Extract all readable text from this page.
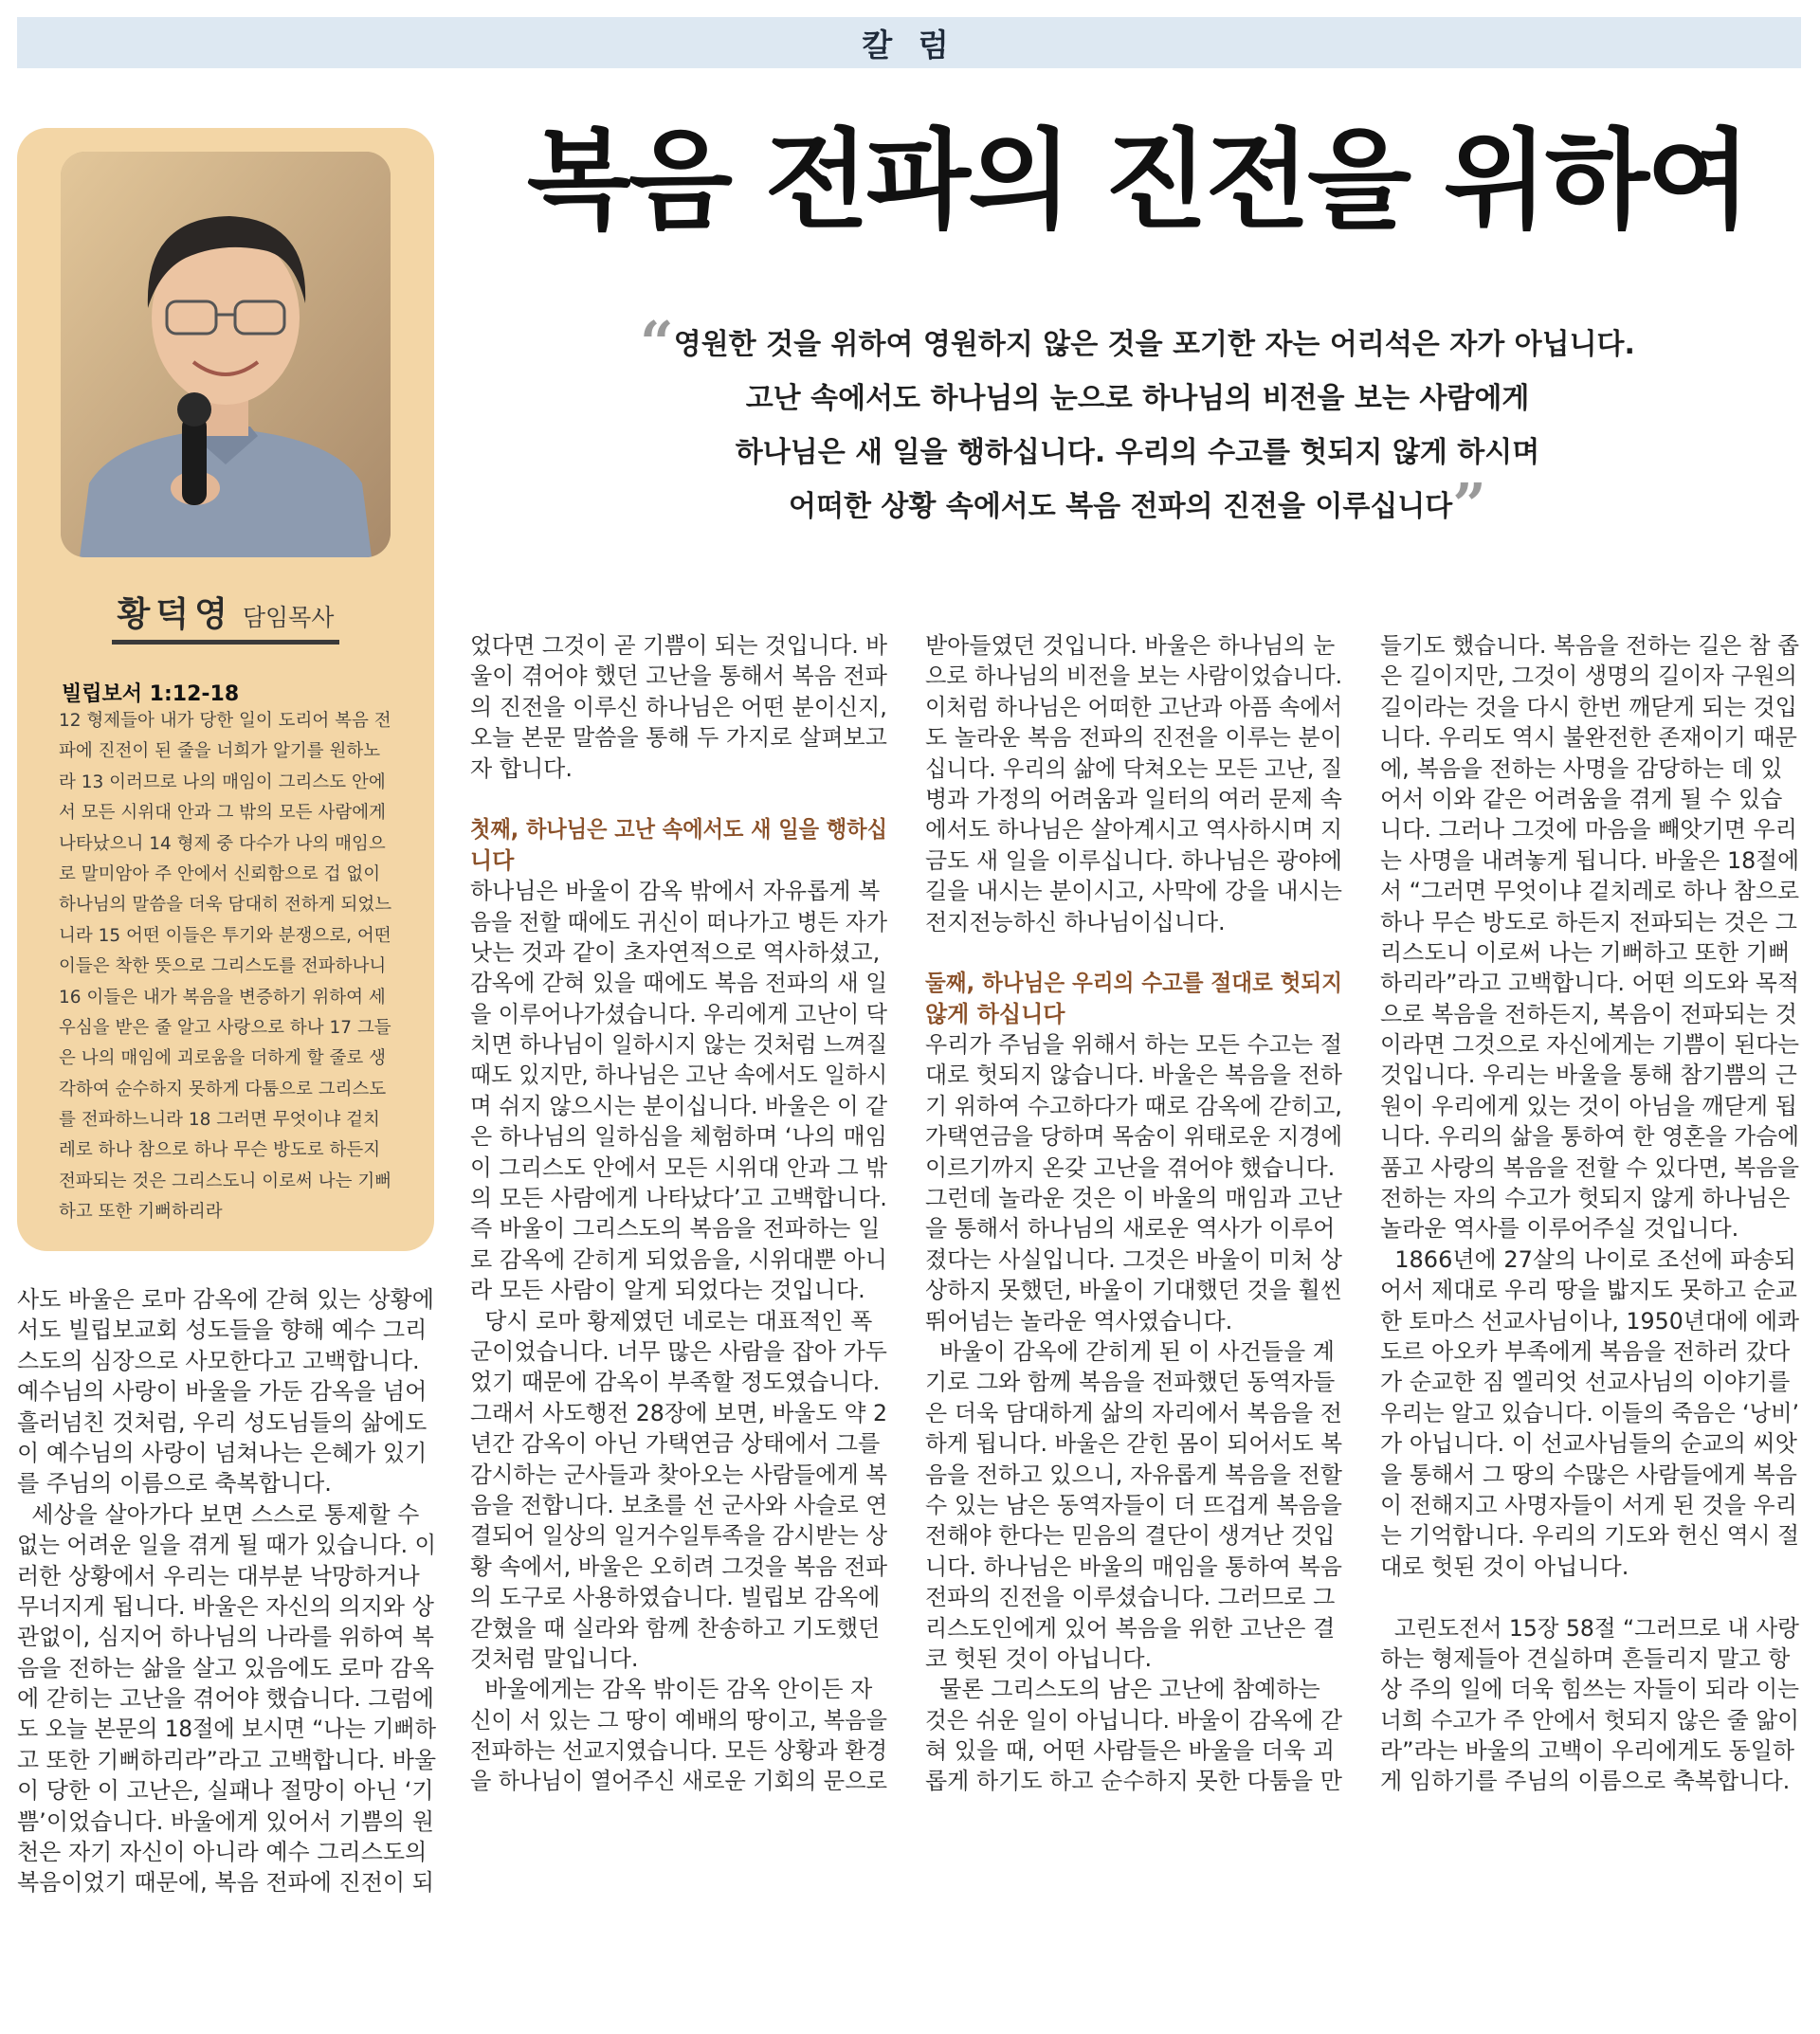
칼 럼
복음 전파의 진전을 위하여
“영원한 것을 위하여 영원하지 않은 것을 포기한 자는 어리석은 자가 아닙니다.
고난 속에서도 하나님의 눈으로 하나님의 비전을 보는 사람에게
하나님은 새 일을 행하십니다. 우리의 수고를 헛되지 않게 하시며
어떠한 상황 속에서도 복음 전파의 진전을 이루십니다”
황덕영 담임목사
빌립보서 1:12-18
12 형제들아 내가 당한 일이 도리어 복음 전
파에 진전이 된 줄을 너희가 알기를 원하노
라 13 이러므로 나의 매임이 그리스도 안에
서 모든 시위대 안과 그 밖의 모든 사람에게
나타났으니 14 형제 중 다수가 나의 매임으
로 말미암아 주 안에서 신뢰함으로 겁 없이
하나님의 말씀을 더욱 담대히 전하게 되었느
니라 15 어떤 이들은 투기와 분쟁으로, 어떤
이들은 착한 뜻으로 그리스도를 전파하나니
16 이들은 내가 복음을 변증하기 위하여 세
우심을 받은 줄 알고 사랑으로 하나 17 그들
은 나의 매임에 괴로움을 더하게 할 줄로 생
각하여 순수하지 못하게 다툼으로 그리스도
를 전파하느니라 18 그러면 무엇이냐 겉치
레로 하나 참으로 하나 무슨 방도로 하든지
전파되는 것은 그리스도니 이로써 나는 기뻐
하고 또한 기뻐하리라
사도 바울은 로마 감옥에 갇혀 있는 상황에
서도 빌립보교회 성도들을 향해 예수 그리
스도의 심장으로 사모한다고 고백합니다.
예수님의 사랑이 바울을 가둔 감옥을 넘어
흘러넘친 것처럼, 우리 성도님들의 삶에도
이 예수님의 사랑이 넘쳐나는 은혜가 있기
를 주님의 이름으로 축복합니다.
세상을 살아가다 보면 스스로 통제할 수
없는 어려운 일을 겪게 될 때가 있습니다. 이
러한 상황에서 우리는 대부분 낙망하거나
무너지게 됩니다. 바울은 자신의 의지와 상
관없이, 심지어 하나님의 나라를 위하여 복
음을 전하는 삶을 살고 있음에도 로마 감옥
에 갇히는 고난을 겪어야 했습니다. 그럼에
도 오늘 본문의 18절에 보시면 “나는 기뻐하
고 또한 기뻐하리라”라고 고백합니다. 바울
이 당한 이 고난은, 실패나 절망이 아닌 ‘기
쁨’이었습니다. 바울에게 있어서 기쁨의 원
천은 자기 자신이 아니라 예수 그리스도의
복음이었기 때문에, 복음 전파에 진전이 되
었다면 그것이 곧 기쁨이 되는 것입니다. 바
울이 겪어야 했던 고난을 통해서 복음 전파
의 진전을 이루신 하나님은 어떤 분이신지,
오늘 본문 말씀을 통해 두 가지로 살펴보고
자 합니다.
첫째, 하나님은 고난 속에서도 새 일을 행하십
니다
하나님은 바울이 감옥 밖에서 자유롭게 복
음을 전할 때에도 귀신이 떠나가고 병든 자가
낫는 것과 같이 초자연적으로 역사하셨고,
감옥에 갇혀 있을 때에도 복음 전파의 새 일
을 이루어나가셨습니다. 우리에게 고난이 닥
치면 하나님이 일하시지 않는 것처럼 느껴질
때도 있지만, 하나님은 고난 속에서도 일하시
며 쉬지 않으시는 분이십니다. 바울은 이 같
은 하나님의 일하심을 체험하며 ‘나의 매임
이 그리스도 안에서 모든 시위대 안과 그 밖
의 모든 사람에게 나타났다’고 고백합니다.
즉 바울이 그리스도의 복음을 전파하는 일
로 감옥에 갇히게 되었음을, 시위대뿐 아니
라 모든 사람이 알게 되었다는 것입니다.
당시 로마 황제였던 네로는 대표적인 폭
군이었습니다. 너무 많은 사람을 잡아 가두
었기 때문에 감옥이 부족할 정도였습니다.
그래서 사도행전 28장에 보면, 바울도 약 2
년간 감옥이 아닌 가택연금 상태에서 그를
감시하는 군사들과 찾아오는 사람들에게 복
음을 전합니다. 보초를 선 군사와 사슬로 연
결되어 일상의 일거수일투족을 감시받는 상
황 속에서, 바울은 오히려 그것을 복음 전파
의 도구로 사용하였습니다. 빌립보 감옥에
갇혔을 때 실라와 함께 찬송하고 기도했던
것처럼 말입니다.
바울에게는 감옥 밖이든 감옥 안이든 자
신이 서 있는 그 땅이 예배의 땅이고, 복음을
전파하는 선교지였습니다. 모든 상황과 환경
을 하나님이 열어주신 새로운 기회의 문으로
받아들였던 것입니다. 바울은 하나님의 눈
으로 하나님의 비전을 보는 사람이었습니다.
이처럼 하나님은 어떠한 고난과 아픔 속에서
도 놀라운 복음 전파의 진전을 이루는 분이
십니다. 우리의 삶에 닥쳐오는 모든 고난, 질
병과 가정의 어려움과 일터의 여러 문제 속
에서도 하나님은 살아계시고 역사하시며 지
금도 새 일을 이루십니다. 하나님은 광야에
길을 내시는 분이시고, 사막에 강을 내시는
전지전능하신 하나님이십니다.
둘째, 하나님은 우리의 수고를 절대로 헛되지
않게 하십니다
우리가 주님을 위해서 하는 모든 수고는 절
대로 헛되지 않습니다. 바울은 복음을 전하
기 위하여 수고하다가 때로 감옥에 갇히고,
가택연금을 당하며 목숨이 위태로운 지경에
이르기까지 온갖 고난을 겪어야 했습니다.
그런데 놀라운 것은 이 바울의 매임과 고난
을 통해서 하나님의 새로운 역사가 이루어
졌다는 사실입니다. 그것은 바울이 미처 상
상하지 못했던, 바울이 기대했던 것을 훨씬
뛰어넘는 놀라운 역사였습니다.
바울이 감옥에 갇히게 된 이 사건들을 계
기로 그와 함께 복음을 전파했던 동역자들
은 더욱 담대하게 삶의 자리에서 복음을 전
하게 됩니다. 바울은 갇힌 몸이 되어서도 복
음을 전하고 있으니, 자유롭게 복음을 전할
수 있는 남은 동역자들이 더 뜨겁게 복음을
전해야 한다는 믿음의 결단이 생겨난 것입
니다. 하나님은 바울의 매임을 통하여 복음
전파의 진전을 이루셨습니다. 그러므로 그
리스도인에게 있어 복음을 위한 고난은 결
코 헛된 것이 아닙니다.
물론 그리스도의 남은 고난에 참예하는
것은 쉬운 일이 아닙니다. 바울이 감옥에 갇
혀 있을 때, 어떤 사람들은 바울을 더욱 괴
롭게 하기도 하고 순수하지 못한 다툼을 만
들기도 했습니다. 복음을 전하는 길은 참 좁
은 길이지만, 그것이 생명의 길이자 구원의
길이라는 것을 다시 한번 깨닫게 되는 것입
니다. 우리도 역시 불완전한 존재이기 때문
에, 복음을 전하는 사명을 감당하는 데 있
어서 이와 같은 어려움을 겪게 될 수 있습
니다. 그러나 그것에 마음을 빼앗기면 우리
는 사명을 내려놓게 됩니다. 바울은 18절에
서 “그러면 무엇이냐 겉치레로 하나 참으로
하나 무슨 방도로 하든지 전파되는 것은 그
리스도니 이로써 나는 기뻐하고 또한 기뻐
하리라”라고 고백합니다. 어떤 의도와 목적
으로 복음을 전하든지, 복음이 전파되는 것
이라면 그것으로 자신에게는 기쁨이 된다는
것입니다. 우리는 바울을 통해 참기쁨의 근
원이 우리에게 있는 것이 아님을 깨닫게 됩
니다. 우리의 삶을 통하여 한 영혼을 가슴에
품고 사랑의 복음을 전할 수 있다면, 복음을
전하는 자의 수고가 헛되지 않게 하나님은
놀라운 역사를 이루어주실 것입니다.
1866년에 27살의 나이로 조선에 파송되
어서 제대로 우리 땅을 밟지도 못하고 순교
한 토마스 선교사님이나, 1950년대에 에콰
도르 아오카 부족에게 복음을 전하러 갔다
가 순교한 짐 엘리엇 선교사님의 이야기를
우리는 알고 있습니다. 이들의 죽음은 ‘낭비’
가 아닙니다. 이 선교사님들의 순교의 씨앗
을 통해서 그 땅의 수많은 사람들에게 복음
이 전해지고 사명자들이 서게 된 것을 우리
는 기억합니다. 우리의 기도와 헌신 역시 절
대로 헛된 것이 아닙니다.
고린도전서 15장 58절 “그러므로 내 사랑
하는 형제들아 견실하며 흔들리지 말고 항
상 주의 일에 더욱 힘쓰는 자들이 되라 이는
너희 수고가 주 안에서 헛되지 않은 줄 앎이
라”라는 바울의 고백이 우리에게도 동일하
게 임하기를 주님의 이름으로 축복합니다.
